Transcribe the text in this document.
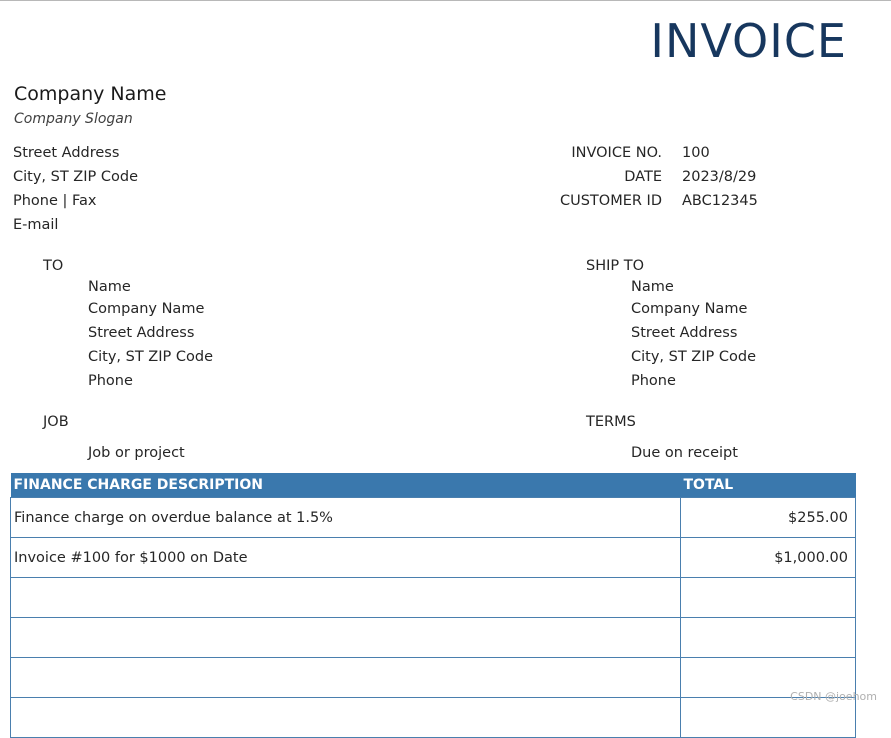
INVOICE
Company Name
Company Slogan
Street Address
City, ST ZIP Code
Phone | Fax
E-mail
INVOICE NO. 100
DATE 2023/8/29
CUSTOMER ID ABC12345
TO
Name
Company Name
Street Address
City, ST ZIP Code
Phone
SHIP TO
Name
Company Name
Street Address
City, ST ZIP Code
Phone
JOB
Job or project
TERMS
Due on receipt
FINANCE CHARGE DESCRIPTION	TOTAL
Finance charge on overdue balance at 1.5%	$255.00
Invoice #100 for $1000 on Date	$1,000.00

CSDN @joehom
